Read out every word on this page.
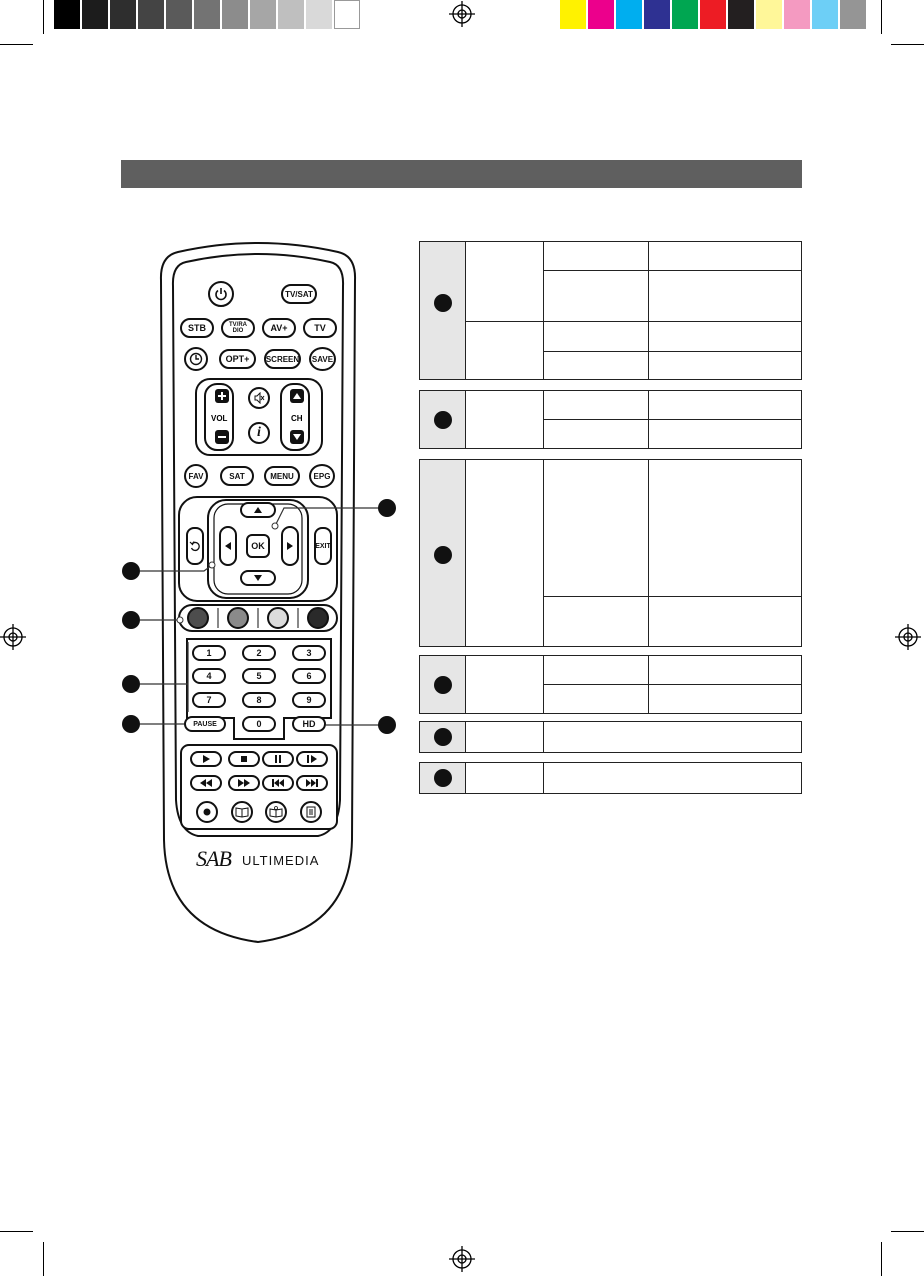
TV/SAT
STB	TV/RADIO	AV+	TV
OPT+ SCREEN SAVE
VOL
i
CH
FAV	SAT	MENU EPG
OK	EXIT
1	2	3
4	5	6
7	8	9
0
PAUSE	HD
SAB ULTIMEDIA
